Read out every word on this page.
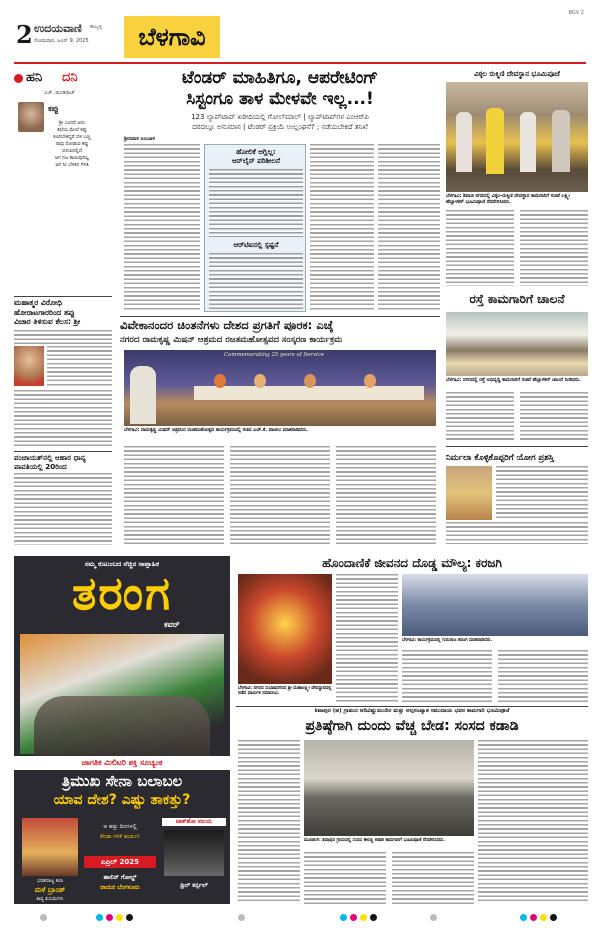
2 ಉದಯವಾಣಿ ಹುಬ್ಬಳ್ಳಿ
ಸೋಮವಾರ, ಜೂನ್ 9, 2025 ಬೆಳಗಾವಿ
BGV 2
ಹನಿ ದನಿ
ಎಚ್. ಡುಂಡಿರಾಜ್
ಕಪ್ಪು
ಶ್ರೀ ಎಂದರೆ ಅದು
ತಲೆಯ ಮೇಲೆ ಕಪ್ಪು
ಕೂಗಬೇಕಿದ್ದರೆ ಬಿಳಿ ಬಣ್ಣ
ನಾವು ನೋಡುವ ಕಪ್ಪು
ಬಿಳುಪಿನಲ್ಲಿದೆ
ಆಗ ನಿಜ ಕಾಣುವುದಿಲ್ಲ
ಆಗ ನೀ ಬೆಳಕಿನ ಗೆಳತಿ
ಮಹಾತ್ಮರ ವಿರೋಧಿ
ಹೋರಾಟಗಾರರಿಂದ ತಪ್ಪು
ವಿಚಾರ ತಿಳಿಸುವ ಕೆಲಸ: ಶ್ರೀ
ಪಂಚಾಯತ್‌ನಲ್ಲಿ ಆಹಾರ ಧಾನ್ಯ
ಪಾವತಿಯಲ್ಲಿ 20ರಿಂದ
ಟೆಂಡರ್ ಮಾಹಿತಿಗೂ, ಆಪರೇಟಿಂಗ್
ಸಿಸ್ಟಂಗೂ ತಾಳ ಮೇಳವೇ ಇಲ್ಲ...!
123 ಲ್ಯಾಪ್‌ಟಾಪ್‌ ಖರೀದಿಯಲ್ಲಿ ಗೋಲ್‌ಮಾಲ್ | ಲ್ಯಾಪ್‌ಟಾಪ್‌ಗಳ ಎಂಆರ್‌ಪಿ
ದರದಲ್ಲೂ ಅನುಮಾನ | ಟೆಂಡರ್ ಪ್ರಕ್ರಿಯೆ ಉಲ್ಲಂಘನೆ? ; ನಡೆಯಬೇಕಿದೆ ತನಿಖೆ
ಶ್ರೀನಿವಾಸ ಅಲಬಾಳ
ಹೋಲಿಕೆ ಆಗ್ಲಿಲ್ಲ:
ಆನ್‌ಲೈನ್ ಪರಿಶೀಲನೆ
ಆರ್‌ಟಿಐನಲ್ಲಿ ಸ್ಪಷ್ಟನೆ
ವಿಠ್ಠಲ ರುಕ್ಮಿಣಿ ದೇವಸ್ಥಾನ ಭೂಮಿಪೂಜೆ
ಬೆಳಗಾವಿ: ಶಿವಾಜಿ ನಗರದಲ್ಲಿ ವಿಠ್ಠಲ-ರುಕ್ಮಿಣಿ ದೇವಸ್ಥಾನ ಕಾಮಗಾರಿಗೆ ಸಚಿವೆ ಲಕ್ಷ್ಮೀ ಹೆಬ್ಬಾಳಕರ್ ಭೂಮಿಪೂಜೆ ನೆರವೇರಿಸಿದರು.
ರಸ್ತೆ ಕಾಮಗಾರಿಗೆ ಚಾಲನೆ
ಬೆಳಗಾವಿ: ನಗರದಲ್ಲಿ ರಸ್ತೆ ಅಭಿವೃದ್ಧಿ ಕಾಮಗಾರಿಗೆ ಸಚಿವೆ ಹೆಬ್ಬಾಳಕರ್ ಚಾಲನೆ ನೀಡಿದರು.
ವಿವೇಕಾನಂದರ ಚಿಂತನೆಗಳು ದೇಶದ ಪ್ರಗತಿಗೆ ಪೂರಕ: ಎಚ್ಕೆ
ನಗರದ ರಾಮಕೃಷ್ಣ ಮಿಷನ್ ಆಶ್ರಮದ ರಜತಮಹೋತ್ಸವದ ಸಂಸ್ಕರಣ ಕಾರ್ಯಕ್ರಮ
Commemorating 25 years of Service
ಬೆಳಗಾವಿ: ರಾಮಕೃಷ್ಣ ಮಿಷನ್ ಆಶ್ರಮದ ರಜತಮಹೋತ್ಸವ ಕಾರ್ಯಕ್ರಮದಲ್ಲಿ ಸಚಿವ ಎಚ್.ಕೆ. ಪಾಟೀಲ ಮಾತನಾಡಿದರು.
ನಿರ್ಮಲಾ ಕೊಳ್ಳಿಕೊಪ್ಪರಿಗೆ ಯೋಗ ಪ್ರಶಸ್ತಿ
ನಮ್ಮ ಕುಟುಂಬದ ನೆಚ್ಚಿನ ಸಾಪ್ತಾಹಿಕ
ತರಂಗ
ಕವರ್
ಜಾಗತಿಕ ಮಿಲಿಟರಿ ಶಕ್ತಿ ಸೂಚ್ಯಂಕ
ತ್ರಿಮುಖ ಸೇನಾ ಬಲಾಬಲ
ಯಾವ ದೇಶ? ಎಷ್ಟು ತಾಕತ್ತು?
ಭರತನಾಟ್ಯ ಕಲಾ
ಮಳೆ ಬ್ರಾಂಡ್
ಕಾವ್ಯ ಕುಸುಮಗಳು
ಏಪ್ರಿಲ್ 2025
ಆ ಹತ್ತು ದಿನಗಳಲ್ಲಿ
ಕೆನಡಾ ಗಳಿಕೆ ಹುಡುಗ!
ಹಾಲಿನ್ ಗೋಲ್ಡ್
ರಾಯರ ಬೆಂಗಳೂರು
ಟಾಕ್‌ಶೋ ವಲಯ
ಥ್ರಿಲ್ ಕರ್ನ್ಸಲ್
ಹೊಂದಾಣಿಕೆ ಜೀವನದ ದೊಡ್ಡ ಮೌಲ್ಯ: ಕರಜಗಿ
ಬೆಳಗಾವಿ: ನಗರದ ಸುಭಾಷನಗರದ ಶ್ರೀ ಮಹಾಲಕ್ಷ್ಮೀ ದೇವಸ್ಥಾನದಲ್ಲಿ ನಡೆದ ಧಾರ್ಮಿಕ ಸಮಾರಂಭ.
ಬೆಳಗಾವಿ: ಕಾರ್ಯಕ್ರಮದಲ್ಲಿ ಗುರುರಾಜ ಕರಜಗಿ ಮಾತನಾಡಿದರು.
ಶಿವಾಪುರ (ಹ) ಗ್ರಾಮದ ಆದಿವಿಷ್ಣುಮಂದಿರ ಮತ್ತು ಅಲ್ಪಸಂಖ್ಯಾತ ಸಮುದಾಯ ಭವನ ಕಾಮಗಾರಿ ಭೂಮಿಪೂಜೆ
ಪ್ರತಿಷ್ಠೆಗಾಗಿ ದುಂದು ವೆಚ್ಚ ಬೇಡ: ಸಂಸದ ಕಡಾಡಿ
ಮೂಡಲಗಿ: ಶಿವಾಪುರ ಗ್ರಾಮದಲ್ಲಿ ಸಂಸದ ಈರಣ್ಣ ಕಡಾಡಿ ಕಾಮಗಾರಿಗೆ ಭೂಮಿಪೂಜೆ ನೆರವೇರಿಸಿದರು.
